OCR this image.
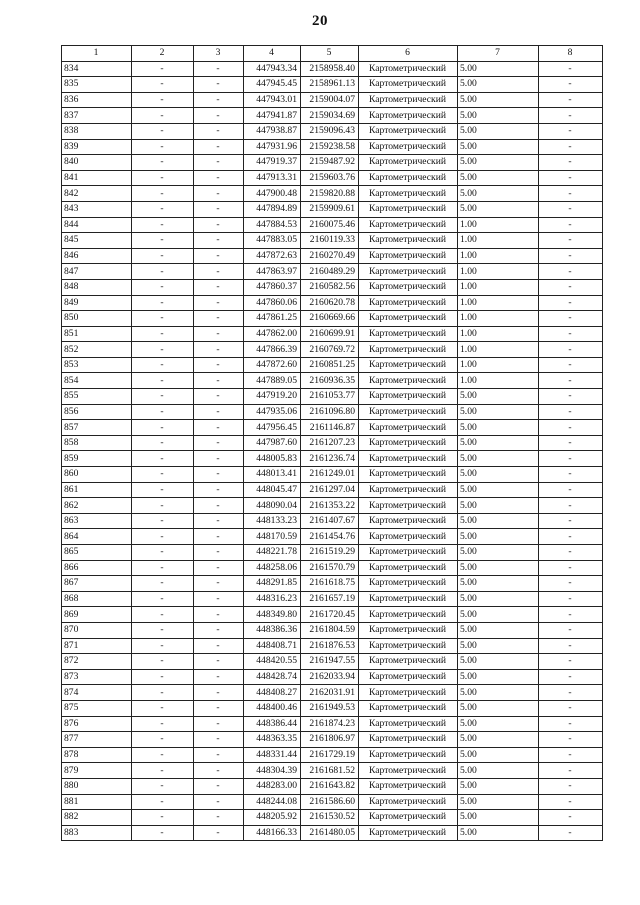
20
1	2	3	4	5	6	7	8
834	-	-	447943.34	2158958.40	Картометрический	5.00	-
835	-	-	447945.45	2158961.13	Картометрический	5.00	-
836	-	-	447943.01	2159004.07	Картометрический	5.00	-
837	-	-	447941.87	2159034.69	Картометрический	5.00	-
838	-	-	447938.87	2159096.43	Картометрический	5.00	-
839	-	-	447931.96	2159238.58	Картометрический	5.00	-
840	-	-	447919.37	2159487.92	Картометрический	5.00	-
841	-	-	447913.31	2159603.76	Картометрический	5.00	-
842	-	-	447900.48	2159820.88	Картометрический	5.00	-
843	-	-	447894.89	2159909.61	Картометрический	5.00	-
844	-	-	447884.53	2160075.46	Картометрический	1.00	-
845	-	-	447883.05	2160119.33	Картометрический	1.00	-
846	-	-	447872.63	2160270.49	Картометрический	1.00	-
847	-	-	447863.97	2160489.29	Картометрический	1.00	-
848	-	-	447860.37	2160582.56	Картометрический	1.00	-
849	-	-	447860.06	2160620.78	Картометрический	1.00	-
850	-	-	447861.25	2160669.66	Картометрический	1.00	-
851	-	-	447862.00	2160699.91	Картометрический	1.00	-
852	-	-	447866.39	2160769.72	Картометрический	1.00	-
853	-	-	447872.60	2160851.25	Картометрический	1.00	-
854	-	-	447889.05	2160936.35	Картометрический	1.00	-
855	-	-	447919.20	2161053.77	Картометрический	5.00	-
856	-	-	447935.06	2161096.80	Картометрический	5.00	-
857	-	-	447956.45	2161146.87	Картометрический	5.00	-
858	-	-	447987.60	2161207.23	Картометрический	5.00	-
859	-	-	448005.83	2161236.74	Картометрический	5.00	-
860	-	-	448013.41	2161249.01	Картометрический	5.00	-
861	-	-	448045.47	2161297.04	Картометрический	5.00	-
862	-	-	448090.04	2161353.22	Картометрический	5.00	-
863	-	-	448133.23	2161407.67	Картометрический	5.00	-
864	-	-	448170.59	2161454.76	Картометрический	5.00	-
865	-	-	448221.78	2161519.29	Картометрический	5.00	-
866	-	-	448258.06	2161570.79	Картометрический	5.00	-
867	-	-	448291.85	2161618.75	Картометрический	5.00	-
868	-	-	448316.23	2161657.19	Картометрический	5.00	-
869	-	-	448349.80	2161720.45	Картометрический	5.00	-
870	-	-	448386.36	2161804.59	Картометрический	5.00	-
871	-	-	448408.71	2161876.53	Картометрический	5.00	-
872	-	-	448420.55	2161947.55	Картометрический	5.00	-
873	-	-	448428.74	2162033.94	Картометрический	5.00	-
874	-	-	448408.27	2162031.91	Картометрический	5.00	-
875	-	-	448400.46	2161949.53	Картометрический	5.00	-
876	-	-	448386.44	2161874.23	Картометрический	5.00	-
877	-	-	448363.35	2161806.97	Картометрический	5.00	-
878	-	-	448331.44	2161729.19	Картометрический	5.00	-
879	-	-	448304.39	2161681.52	Картометрический	5.00	-
880	-	-	448283.00	2161643.82	Картометрический	5.00	-
881	-	-	448244.08	2161586.60	Картометрический	5.00	-
882	-	-	448205.92	2161530.52	Картометрический	5.00	-
883	-	-	448166.33	2161480.05	Картометрический	5.00	-
